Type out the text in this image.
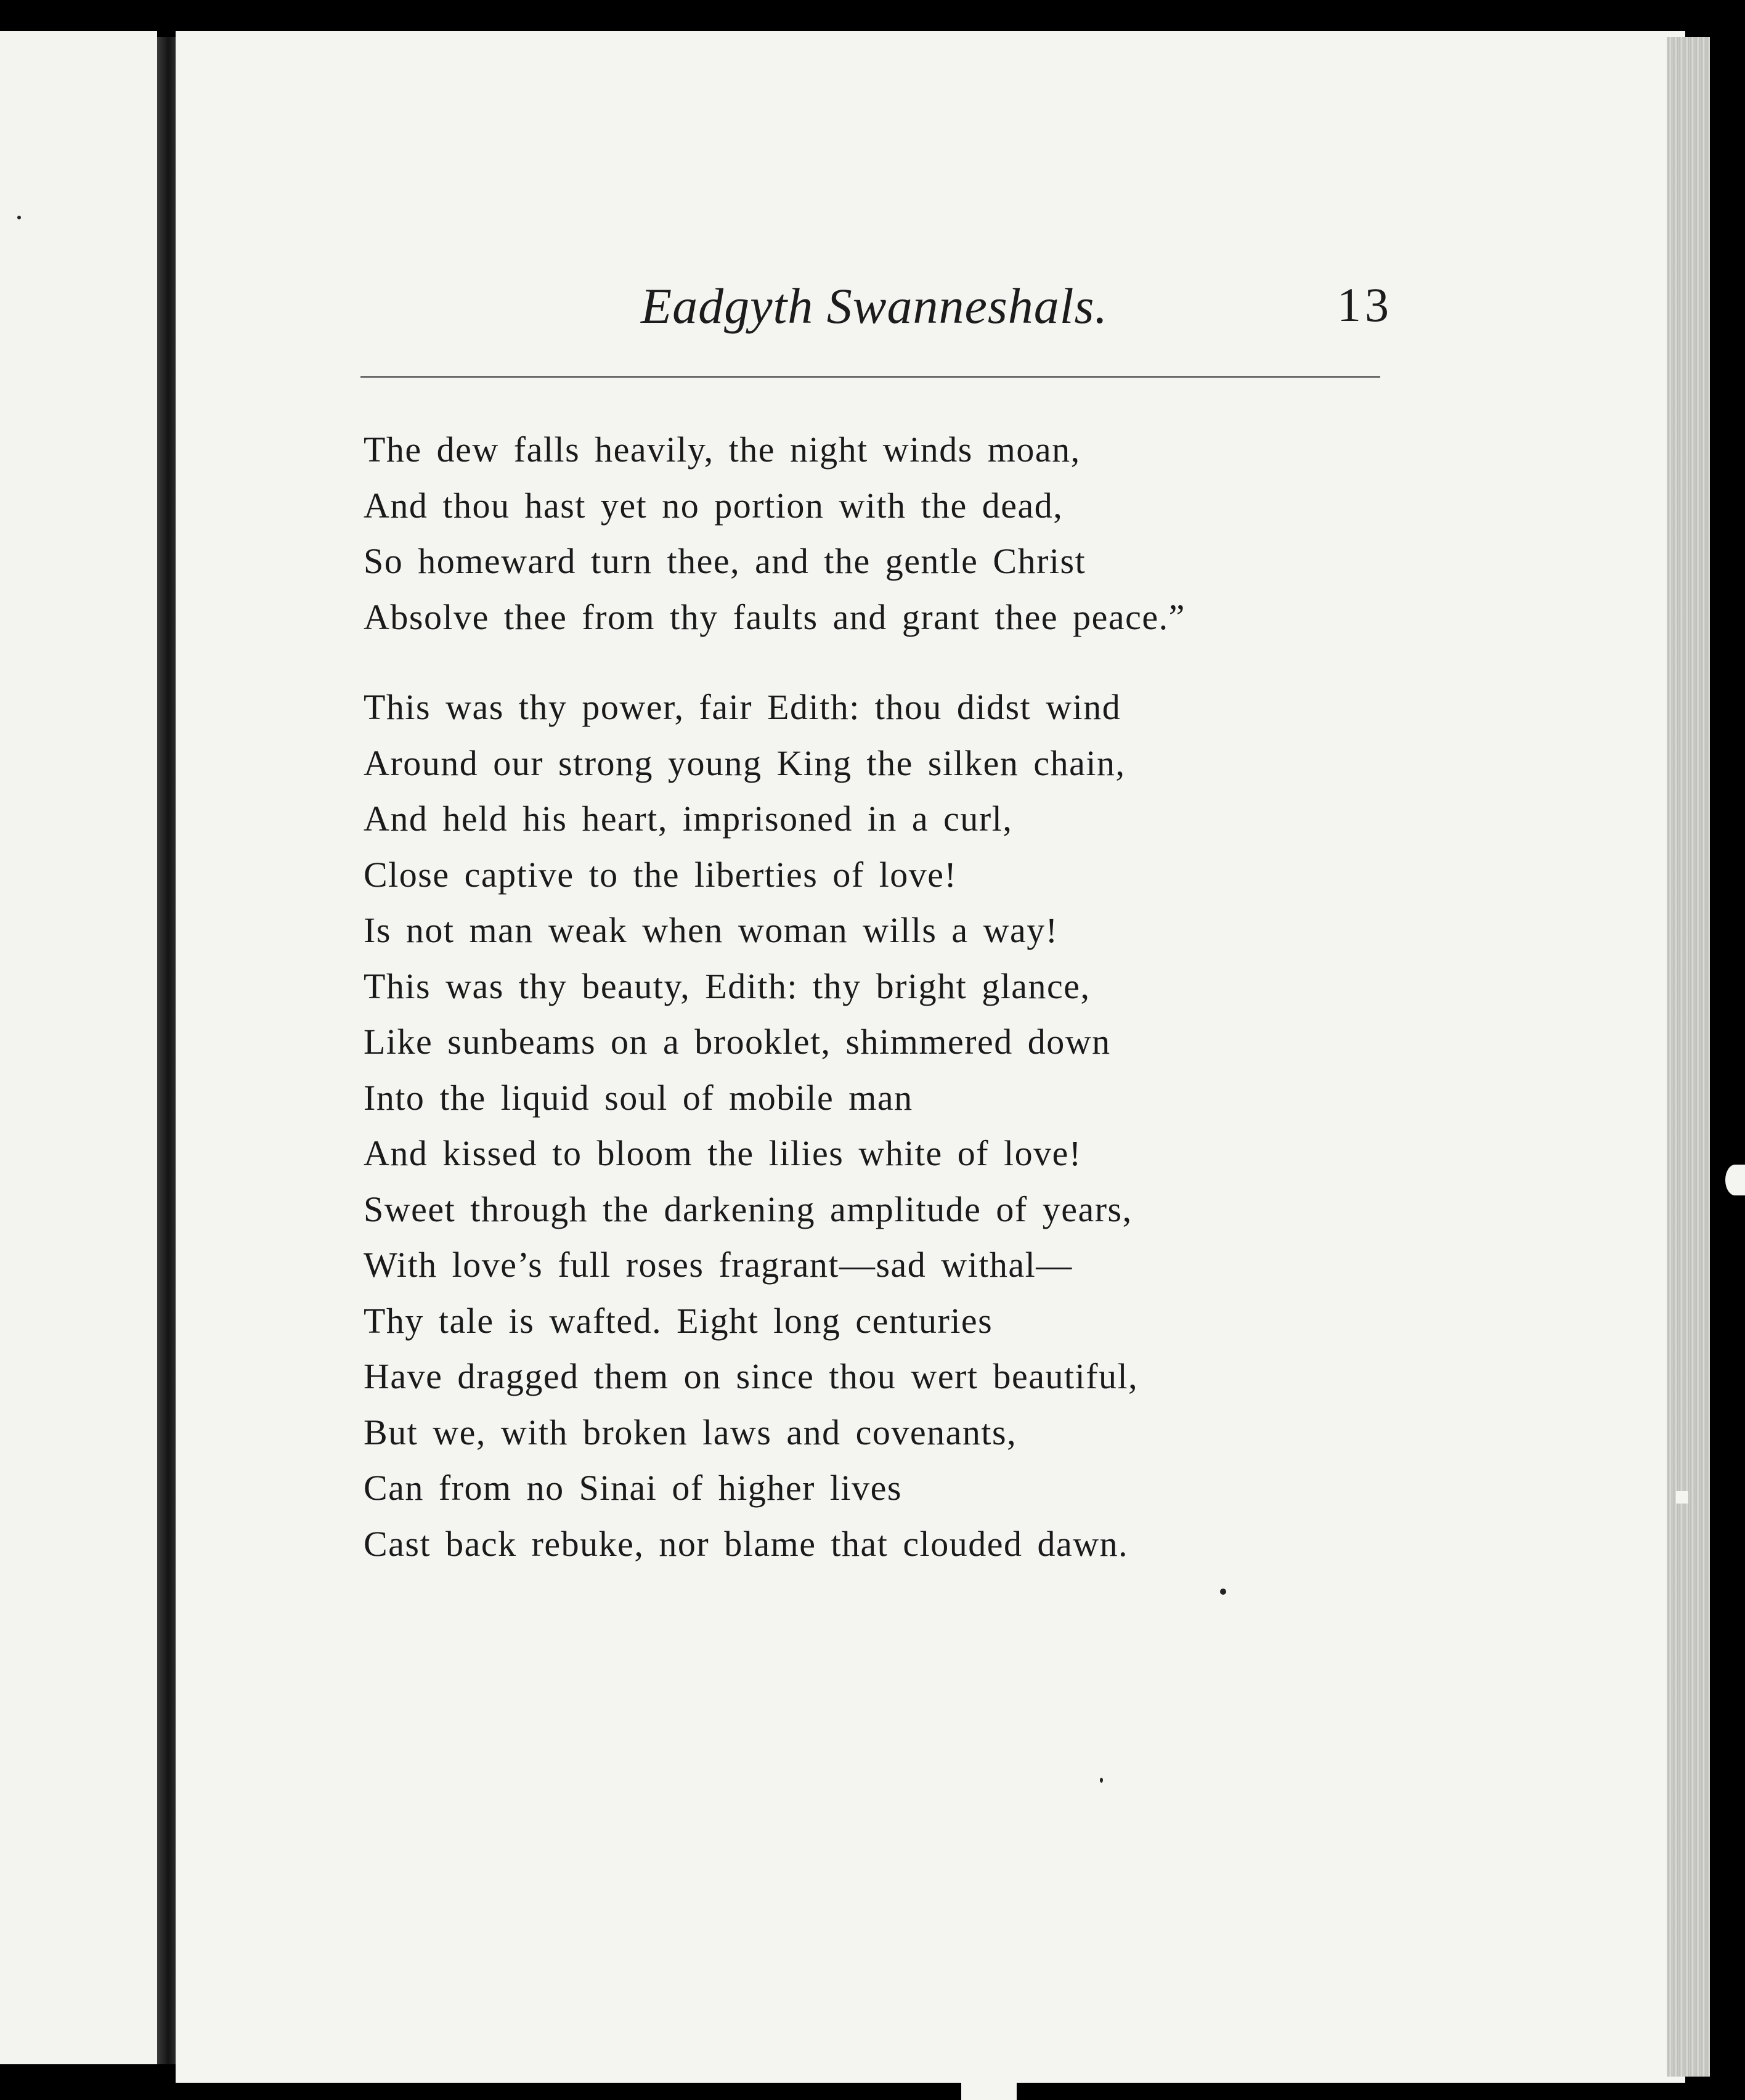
Eadgyth Swanneshals.	13
The dew falls heavily, the night winds moan,
And thou hast yet no portion with the dead,
So homeward turn thee, and the gentle Christ
Absolve thee from thy faults and grant thee peace.”
This was thy power, fair Edith: thou didst wind
Around our strong young King the silken chain,
And held his heart, imprisoned in a curl,
Close captive to the liberties of love!
Is not man weak when woman wills a way!
This was thy beauty, Edith: thy bright glance,
Like sunbeams on a brooklet, shimmered down
Into the liquid soul of mobile man
And kissed to bloom the lilies white of love!
Sweet through the darkening amplitude of years,
With love’s full roses fragrant—sad withal—
Thy tale is wafted. Eight long centuries
Have dragged them on since thou wert beautiful,
But we, with broken laws and covenants,
Can from no Sinai of higher lives
Cast back rebuke, nor blame that clouded dawn.
